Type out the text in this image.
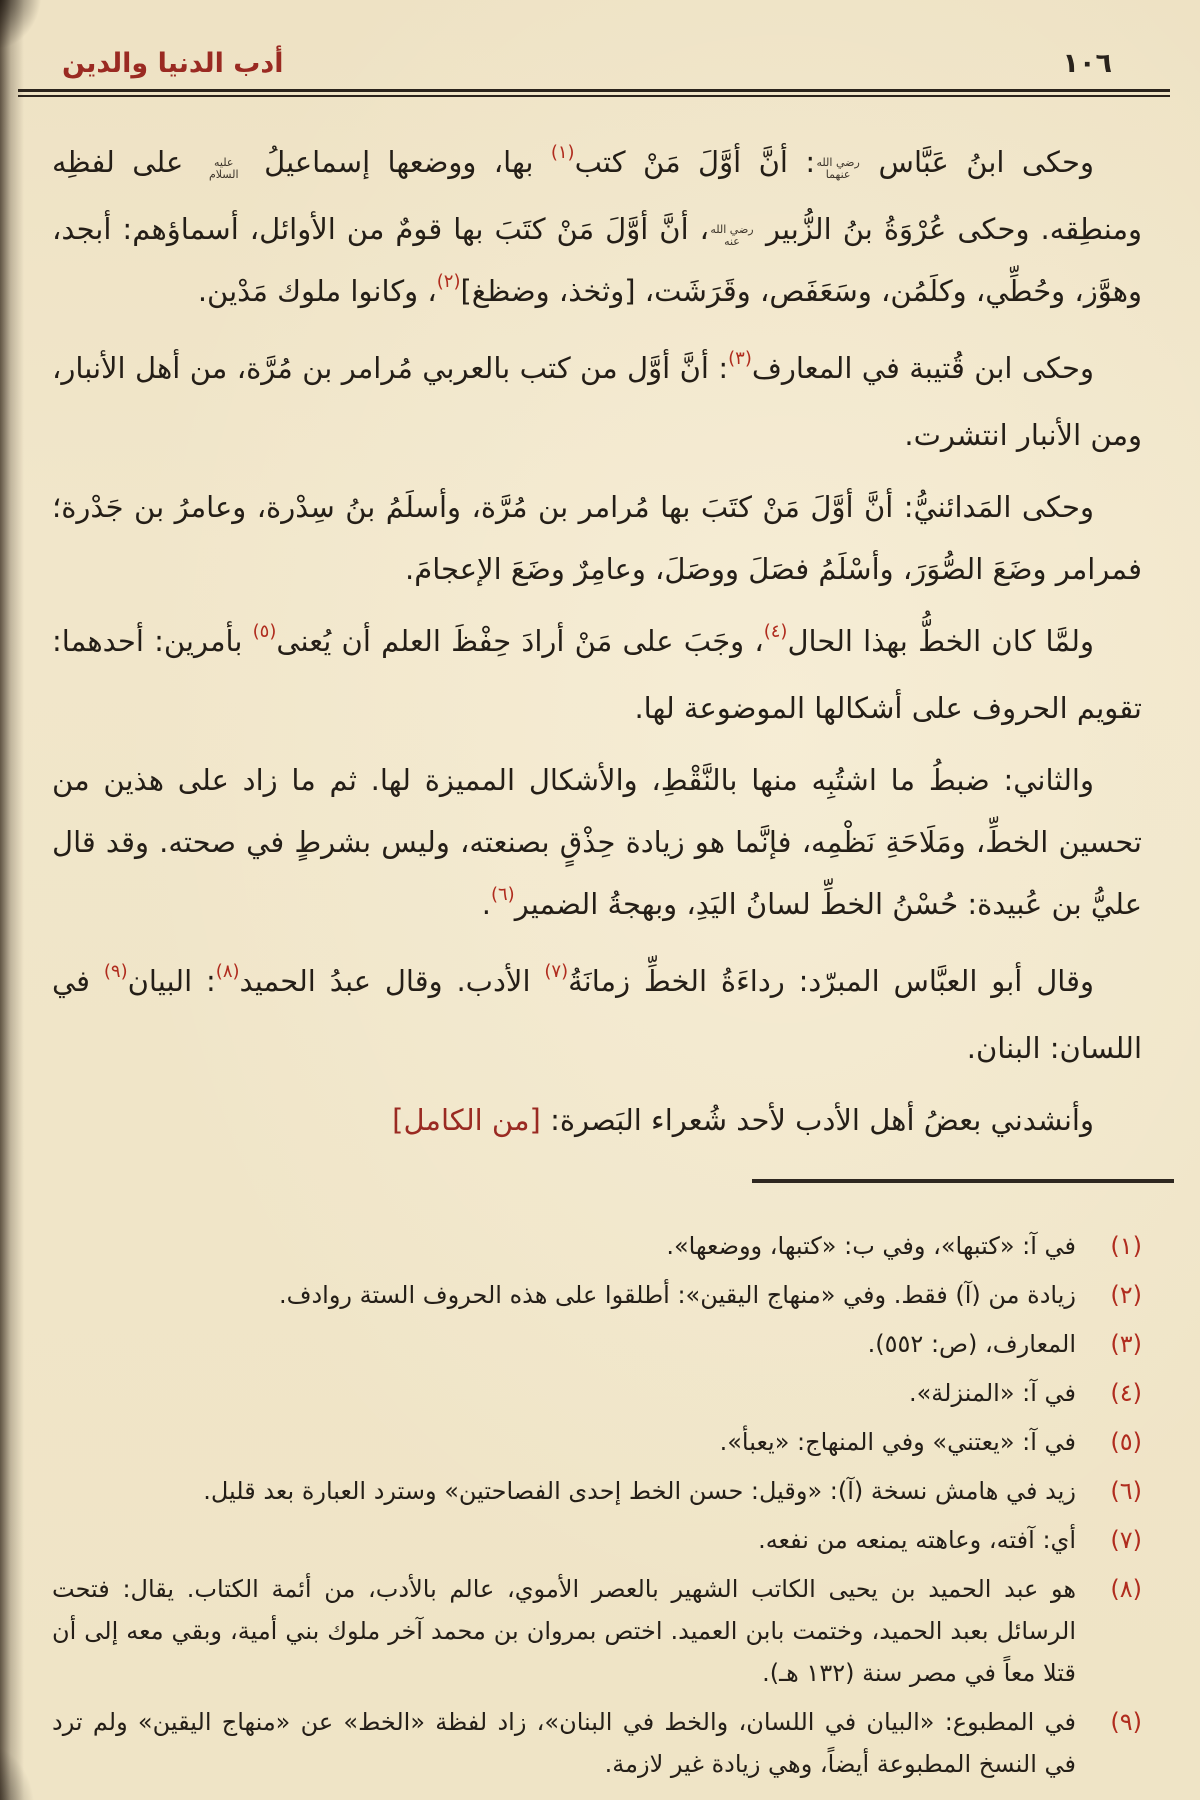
أدب الدنيا والدين	١٠٦

وحكى ابنُ عَبَّاس رضي الله عنهما: أنَّ أوَّلَ مَنْ كتب$^{(١)}$ بها، ووضعها إسماعيلُ عليه السلام على لفظِه ومنطِقه. وحكى عُرْوَةُ بنُ الزُّبير رضي الله عنه، أنَّ أوَّلَ مَنْ كتَبَ بها قومٌ من الأوائل، أسماؤهم: أبجد، وهوَّز، وحُطِّي، وكلَمُن، وسَعَفَص، وقَرَشَت، [وثخذ، وضظغ]$^{(٢)}$، وكانوا ملوك مَدْين.

وحكى ابن قُتيبة في المعارف$^{(٣)}$: أنَّ أوَّل من كتب بالعربي مُرامر بن مُرَّة، من أهل الأنبار، ومن الأنبار انتشرت.

وحكى المَدائنيُّ: أنَّ أوَّلَ مَنْ كتَبَ بها مُرامر بن مُرَّة، وأسلَمُ بنُ سِدْرة، وعامرُ بن جَدْرة؛ فمرامر وضَعَ الصُّوَرَ، وأسْلَمُ فصَلَ ووصَلَ، وعامِرٌ وضَعَ الإعجامَ.

ولمَّا كان الخطُّ بهذا الحال$^{(٤)}$، وجَبَ على مَنْ أرادَ حِفْظَ العلم أن يُعنى$^{(٥)}$ بأمرين: أحدهما: تقويم الحروف على أشكالها الموضوعة لها.

والثاني: ضبطُ ما اشتُبِه منها بالنَّقْطِ، والأشكال المميزة لها. ثم ما زاد على هذين من تحسين الخطِّ، ومَلَاحَةِ نَظْمِه، فإنَّما هو زيادة حِذْقٍ بصنعته، وليس بشرطٍ في صحته. وقد قال عليُّ بن عُبيدة: حُسْنُ الخطِّ لسانُ اليَدِ، وبهجةُ الضمير$^{(٦)}$.

وقال أبو العبَّاس المبرّد: رداءَةُ الخطِّ زمانَةُ$^{(٧)}$ الأدب. وقال عبدُ الحميد$^{(٨)}$: البيان$^{(٩)}$ في اللسان: البنان.

وأنشدني بعضُ أهل الأدب لأحد شُعراء البَصرة: [من الكامل]

(١)
في آ: «كتبها»، وفي ب: «كتبها، ووضعها».
(٢)
زيادة من (آ) فقط. وفي «منهاج اليقين»: أطلقوا على هذه الحروف الستة روادف.
(٣)
المعارف، (ص: ٥٥٢).
(٤)
في آ: «المنزلة».
(٥)
في آ: «يعتني» وفي المنهاج: «يعبأ».
(٦)
زيد في هامش نسخة (آ): «وقيل: حسن الخط إحدى الفصاحتين» وسترد العبارة بعد قليل.
(٧)
أي: آفته، وعاهته يمنعه من نفعه.
(٨)
هو عبد الحميد بن يحيى الكاتب الشهير بالعصر الأموي، عالم بالأدب، من أئمة الكتاب. يقال: فتحت الرسائل بعبد الحميد، وختمت بابن العميد. اختص بمروان بن محمد آخر ملوك بني أمية، وبقي معه إلى أن قتلا معاً في مصر سنة (١٣٢ هـ).
(٩)
في المطبوع: «البيان في اللسان، والخط في البنان»، زاد لفظة «الخط» عن «منهاج اليقين» ولم ترد في النسخ المطبوعة أيضاً، وهي زيادة غير لازمة.
